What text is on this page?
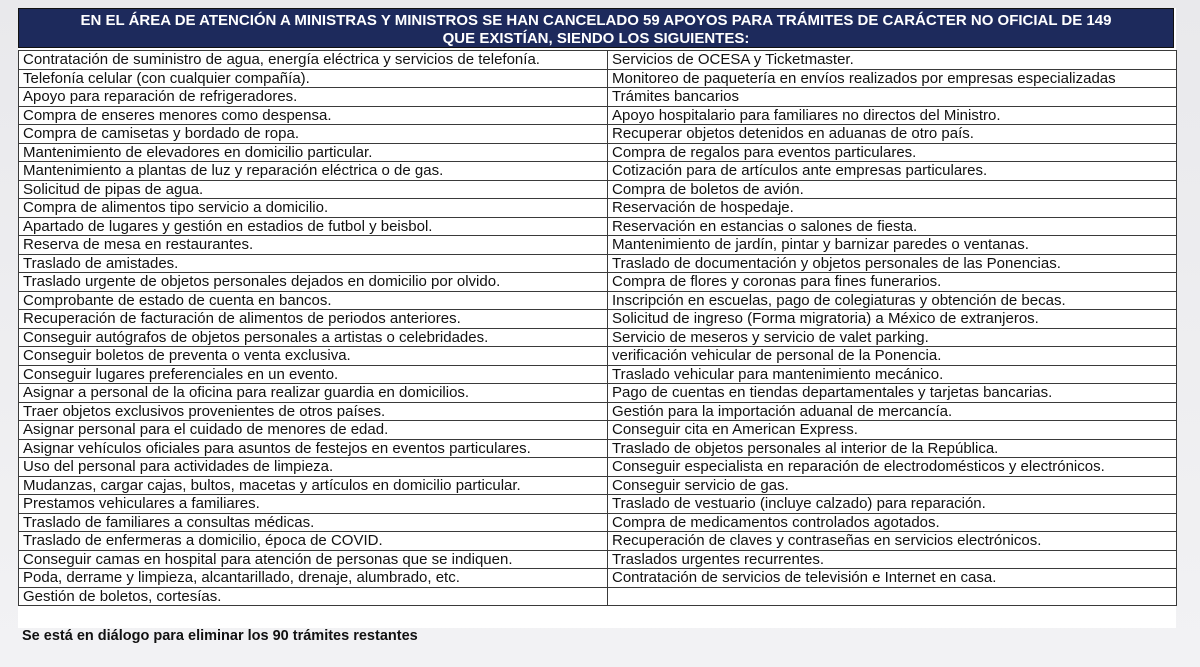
EN EL ÁREA DE ATENCIÓN A MINISTRAS Y MINISTROS SE HAN CANCELADO 59 APOYOS PARA TRÁMITES DE CARÁCTER NO OFICIAL DE 149
QUE EXISTÍAN, SIENDO LOS SIGUIENTES:
Contratación de suministro de agua, energía eléctrica y servicios de telefonía.	Servicios de OCESA y Ticketmaster.
Telefonía celular (con cualquier compañía).	Monitoreo de paquetería en envíos realizados por empresas especializadas
Apoyo para reparación de refrigeradores.	Trámites bancarios
Compra de enseres menores como despensa.	Apoyo hospitalario para familiares no directos del Ministro.
Compra de camisetas y bordado de ropa.	Recuperar objetos detenidos en aduanas de otro país.
Mantenimiento de elevadores en domicilio particular.	Compra de regalos para eventos particulares.
Mantenimiento a plantas de luz y reparación eléctrica o de gas.	Cotización para de artículos ante empresas particulares.
Solicitud de pipas de agua.	Compra de boletos de avión.
Compra de alimentos tipo servicio a domicilio.	Reservación de hospedaje.
Apartado de lugares y gestión en estadios de futbol y beisbol.	Reservación en estancias o salones de fiesta.
Reserva de mesa en restaurantes.	Mantenimiento de jardín, pintar y barnizar paredes o ventanas.
Traslado de amistades.	Traslado de documentación y objetos personales de las Ponencias.
Traslado urgente de objetos personales dejados en domicilio por olvido.	Compra de flores y coronas para fines funerarios.
Comprobante de estado de cuenta en bancos.	Inscripción en escuelas, pago de colegiaturas y obtención de becas.
Recuperación de facturación de alimentos de periodos anteriores.	Solicitud de ingreso (Forma migratoria) a México de extranjeros.
Conseguir autógrafos de objetos personales a artistas o celebridades.	Servicio de meseros y servicio de valet parking.
Conseguir boletos de preventa o venta exclusiva.	verificación vehicular de personal de la Ponencia.
Conseguir lugares preferenciales en un evento.	Traslado vehicular para mantenimiento mecánico.
Asignar a personal de la oficina para realizar guardia en domicilios.	Pago de cuentas en tiendas departamentales y tarjetas bancarias.
Traer objetos exclusivos provenientes de otros países.	Gestión para la importación aduanal de mercancía.
Asignar personal para el cuidado de menores de edad.	Conseguir cita en American Express.
Asignar vehículos oficiales para asuntos de festejos en eventos particulares.	Traslado de objetos personales al interior de la República.
Uso del personal para actividades de limpieza.	Conseguir especialista en reparación de electrodomésticos y electrónicos.
Mudanzas, cargar cajas, bultos, macetas y artículos en domicilio particular.	Conseguir servicio de gas.
Prestamos vehiculares a familiares.	Traslado de vestuario (incluye calzado) para reparación.
Traslado de familiares a consultas médicas.	Compra de medicamentos controlados agotados.
Traslado de enfermeras a domicilio, época de COVID.	Recuperación de claves y contraseñas en servicios electrónicos.
Conseguir camas en hospital para atención de personas que se indiquen.	Traslados urgentes recurrentes.
Poda, derrame y limpieza, alcantarillado, drenaje, alumbrado, etc.	Contratación de servicios de televisión e Internet en casa.
Gestión de boletos, cortesías.	
Se está en diálogo para eliminar los 90 trámites restantes
